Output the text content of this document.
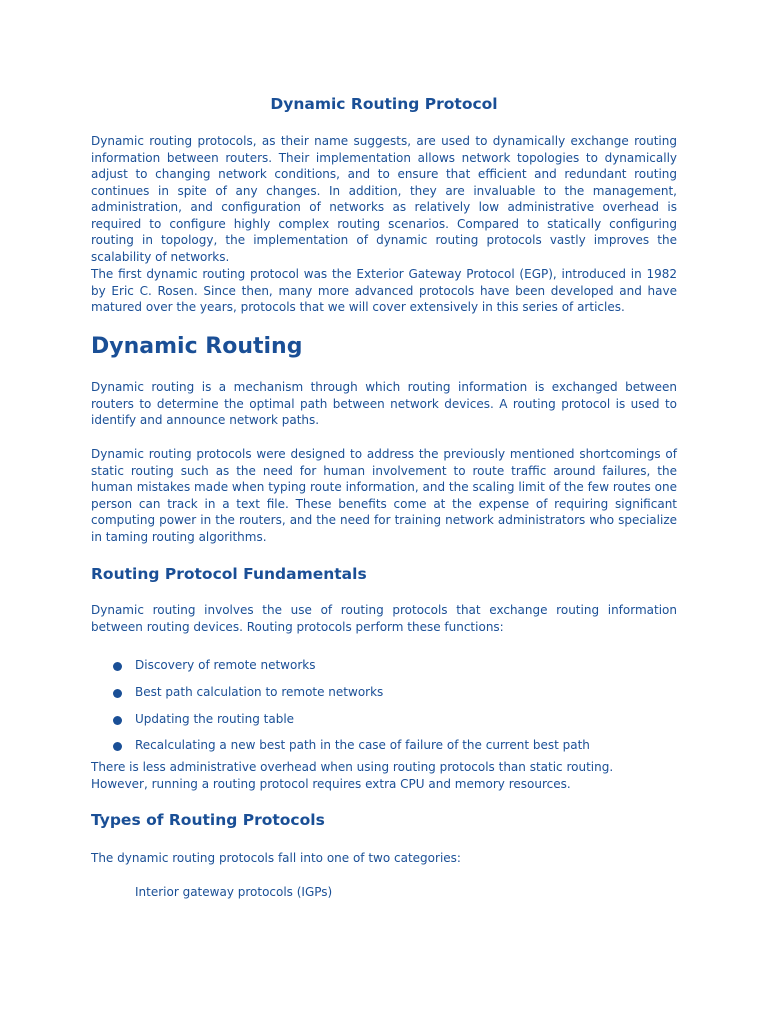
Dynamic Routing Protocol

Dynamic routing protocols, as their name suggests, are used to dynamically exchange routing information between routers. Their implementation allows network topologies to dynamically adjust to changing network conditions, and to ensure that efficient and redundant routing continues in spite of any changes. In addition, they are invaluable to the management, administration, and configuration of networks as relatively low administrative overhead is required to configure highly complex routing scenarios. Compared to statically configuring routing in topology, the implementation of dynamic routing protocols vastly improves the scalability of networks.

The first dynamic routing protocol was the Exterior Gateway Protocol (EGP), introduced in 1982 by Eric C. Rosen. Since then, many more advanced protocols have been developed and have matured over the years, protocols that we will cover extensively in this series of articles.

Dynamic Routing

Dynamic routing is a mechanism through which routing information is exchanged between routers to determine the optimal path between network devices. A routing protocol is used to identify and announce network paths.

Dynamic routing protocols were designed to address the previously mentioned shortcomings of static routing such as the need for human involvement to route traffic around failures, the human mistakes made when typing route information, and the scaling limit of the few routes one person can track in a text file. These benefits come at the expense of requiring significant computing power in the routers, and the need for training network administrators who specialize in taming routing algorithms.

Routing Protocol Fundamentals

Dynamic routing involves the use of routing protocols that exchange routing information between routing devices. Routing protocols perform these functions:

Discovery of remote networks
Best path calculation to remote networks
Updating the routing table
Recalculating a new best path in the case of failure of the current best path

There is less administrative overhead when using routing protocols than static routing. However, running a routing protocol requires extra CPU and memory resources.

Types of Routing Protocols

The dynamic routing protocols fall into one of two categories:

Interior gateway protocols (IGPs)
